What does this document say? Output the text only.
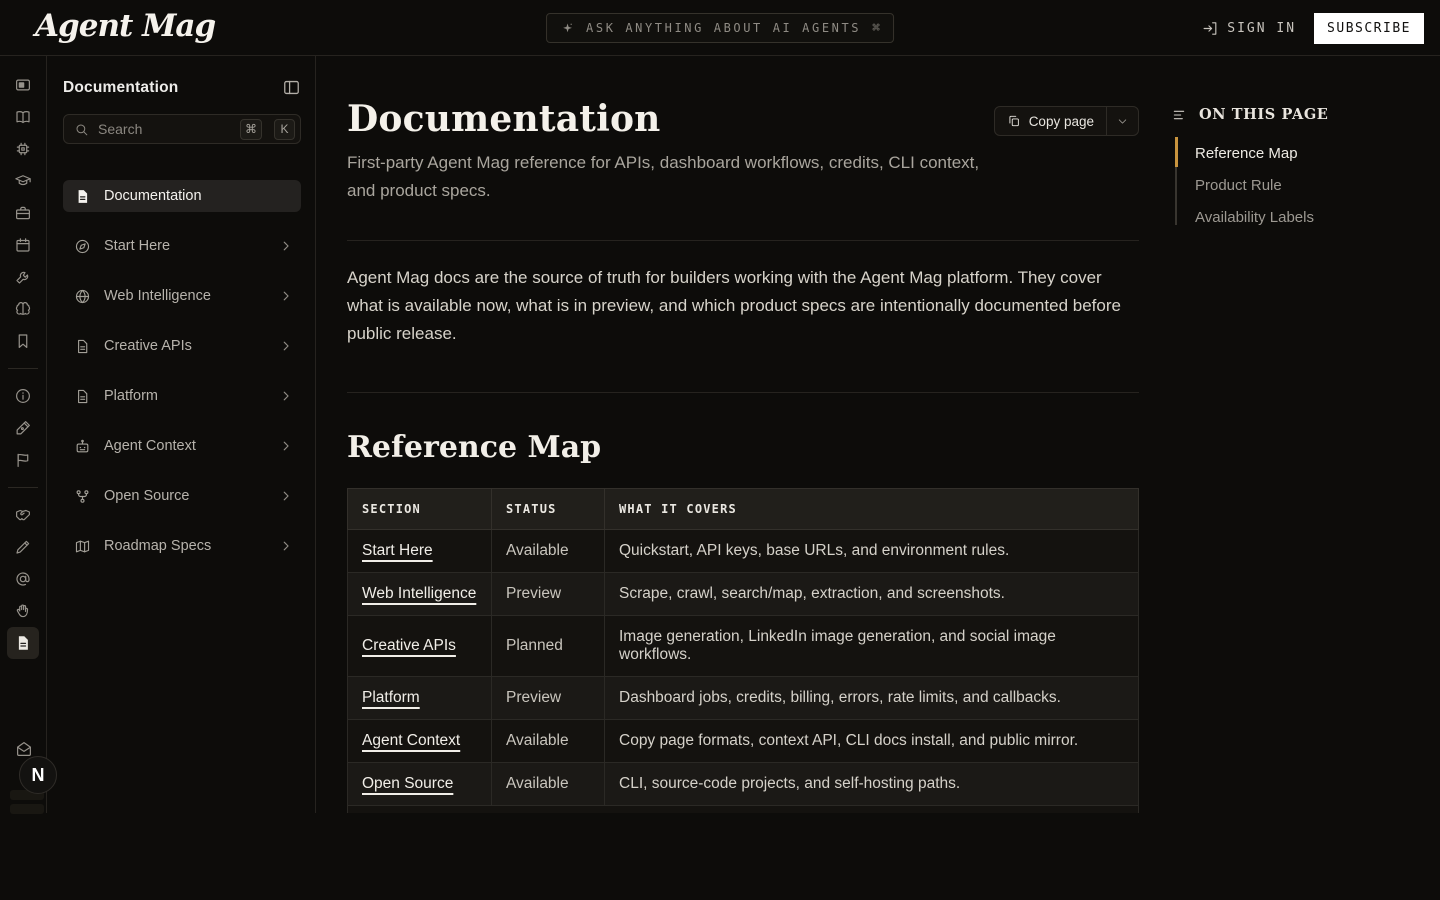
Agent Mag	ASK ANYTHING ABOUT AI AGENTS ⌘	SIGN IN	SUBSCRIBE
Documentation
Search	⌘	K
Documentation
Start Here
Web Intelligence
Creative APIs
Platform
Agent Context
Open Source
Roadmap Specs
Documentation	Copy page

First-party Agent Mag reference for APIs, dashboard workflows, credits, CLI context, and product specs.

Agent Mag docs are the source of truth for builders working with the Agent Mag platform. They cover what is available now, what is in preview, and which product specs are intentionally documented before public release.

Reference Map
SECTION	STATUS	WHAT IT COVERS
Start Here	Available	Quickstart, API keys, base URLs, and environment rules.
Web Intelligence	Preview	Scrape, crawl, search/map, extraction, and screenshots.
Creative APIs	Planned	Image generation, LinkedIn image generation, and social image workflows.
Platform	Preview	Dashboard jobs, credits, billing, errors, rate limits, and callbacks.
Agent Context	Available	Copy page formats, context API, CLI docs install, and public mirror.
Open Source	Available	CLI, source-code projects, and self-hosting paths.

ON THIS PAGE
Reference Map
Product Rule
Availability Labels
N
